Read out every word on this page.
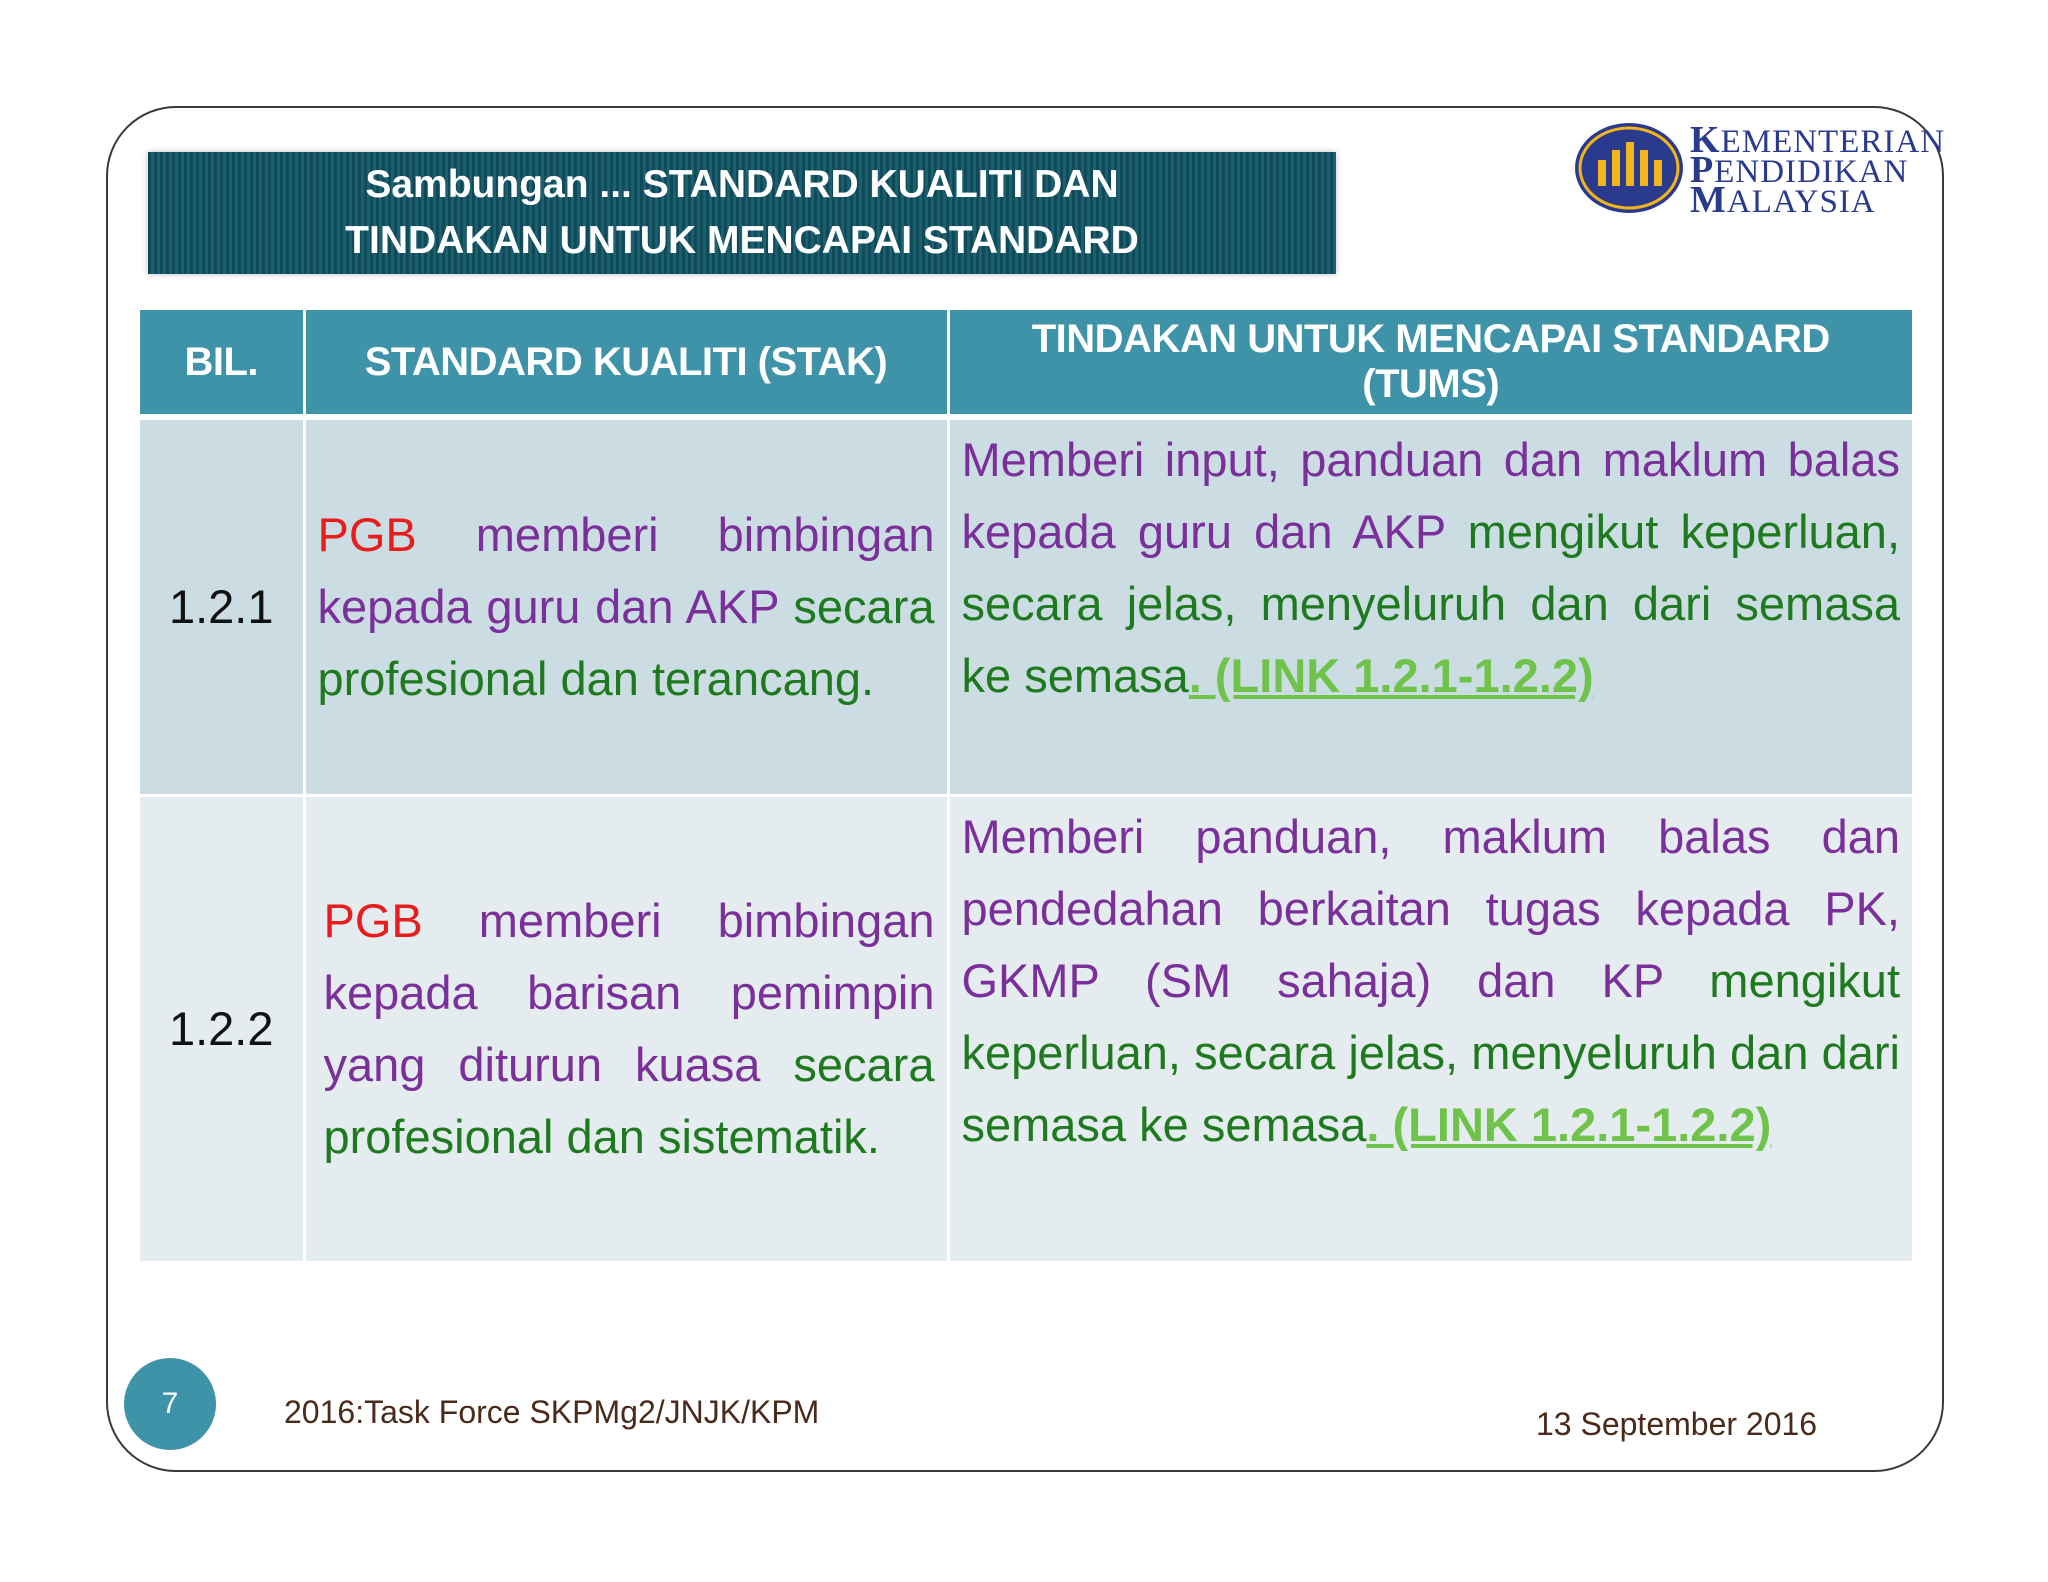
Sambungan ... STANDARD KUALITI DAN
TINDAKAN UNTUK MENCAPAI STANDARD
KEMENTERIAN
PENDIDIKAN
MALAYSIA
BIL.	STANDARD KUALITI (STAK)	TINDAKAN UNTUK MENCAPAI STANDARD (TUMS)
1.2.1	PGB memberi bimbingan kepada guru dan AKP secara profesional dan terancang.	Memberi input, panduan dan maklum balas kepada guru dan AKP mengikut keperluan, secara jelas, menyeluruh dan dari semasa ke semasa. (LINK 1.2.1-1.2.2)
1.2.2	PGB memberi bimbingan kepada barisan pemimpin yang diturun kuasa secara profesional dan sistematik.	Memberi panduan, maklum balas dan pendedahan berkaitan tugas kepada PK, GKMP (SM sahaja) dan KP mengikut keperluan, secara jelas, menyeluruh dan dari semasa ke semasa. (LINK 1.2.1-1.2.2)
7	2016:Task Force SKPMg2/JNJK/KPM	13 September 2016
